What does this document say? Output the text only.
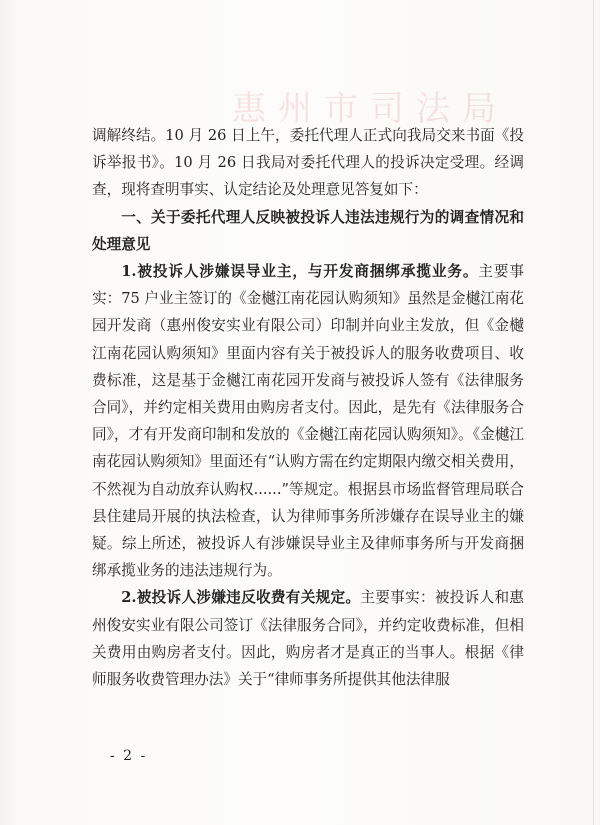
惠州市司法局

调解终结。10 月 26 日上午，委托代理人正式向我局交来书面《投诉举报书》。10 月 26 日我局对委托代理人的投诉决定受理。经调查，现将查明事实、认定结论及处理意见答复如下：

一、关于委托代理人反映被投诉人违法违规行为的调查情况和处理意见

1.被投诉人涉嫌误导业主，与开发商捆绑承揽业务。主要事实：75 户业主签订的《金樾江南花园认购须知》虽然是金樾江南花园开发商（惠州俊安实业有限公司）印制并向业主发放，但《金樾江南花园认购须知》里面内容有关于被投诉人的服务收费项目、收费标准，这是基于金樾江南花园开发商与被投诉人签有《法律服务合同》，并约定相关费用由购房者支付。因此，是先有《法律服务合同》，才有开发商印制和发放的《金樾江南花园认购须知》。《金樾江南花园认购须知》里面还有“认购方需在约定期限内缴交相关费用，不然视为自动放弃认购权......”等规定。根据县市场监督管理局联合县住建局开展的执法检查，认为律师事务所涉嫌存在误导业主的嫌疑。综上所述，被投诉人有涉嫌误导业主及律师事务所与开发商捆绑承揽业务的违法违规行为。

2.被投诉人涉嫌违反收费有关规定。主要事实：被投诉人和惠州俊安实业有限公司签订《法律服务合同》，并约定收费标准，但相关费用由购房者支付。因此，购房者才是真正的当事人。根据《律师服务收费管理办法》关于“律师事务所提供其他法律服

- 2 -
